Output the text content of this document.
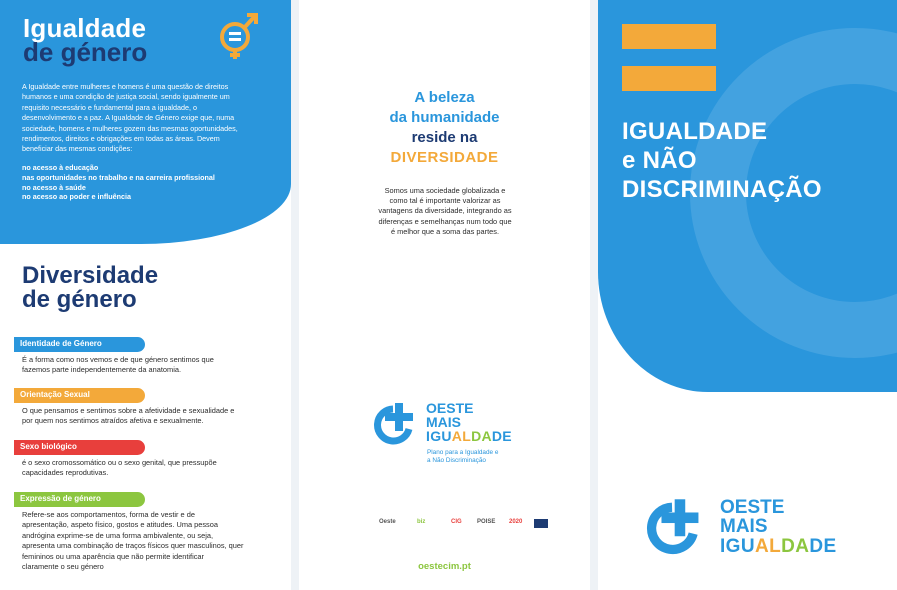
Igualdade
de género

A Igualdade entre mulheres e homens é uma questão de direitos

humanos e uma condição de justiça social, sendo igualmente um

requisito necessário e fundamental para a igualdade, o

desenvolvimento e a paz. A Igualdade de Género exige que, numa

sociedade, homens e mulheres gozem das mesmas oportunidades,

rendimentos, direitos e obrigações em todas as áreas. Devem

beneficiar das mesmas condições:

no acesso à educação
nas oportunidades no trabalho e na carreira profissional
no acesso à saúde
no acesso ao poder e influência
Diversidade
de género
Identidade de Género
É a forma como nos vemos e de que género sentimos que
fazemos parte independentemente da anatomia.
Orientação Sexual
O que pensamos e sentimos sobre a afetividade e sexualidade e
por quem nos sentimos atraídos afetiva e sexualmente.
Sexo biológico
é o sexo cromossomático ou o sexo genital, que pressupõe
capacidades reprodutivas.
Expressão de género
Refere-se aos comportamentos, forma de vestir e de
apresentação, aspeto físico, gostos e atitudes. Uma pessoa
andrógina exprime-se de uma forma ambivalente, ou seja,
apresenta uma combinação de traços físicos quer masculinos, quer
femininos ou uma aparência que não permite identificar
claramente o seu género
A beleza
da humanidade
reside na
DIVERSIDADE
Somos uma sociedade globalizada e
como tal é importante valorizar as
vantagens da diversidade, integrando as
diferenças e semelhanças num todo que
é melhor que a soma das partes.
OESTE
MAIS
IGUALDADE
Plano para a Igualdade e
a Não Discriminação
Oeste	biz	CIG	POISE 2020
oestecim.pt
IGUALDADE
e NÃO
DISCRIMINAÇÃO
OESTE
MAIS
IGUALDADE
